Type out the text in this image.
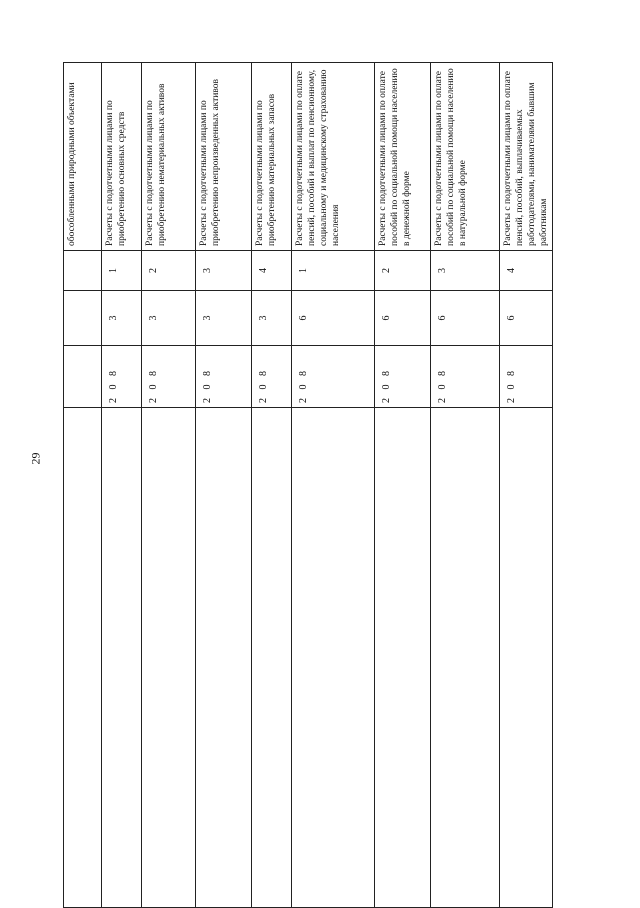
29
				обособленными природными объектами
	2 0 8	3	1	Расчеты с подотчетными лицами по приобретению основных средств
	2 0 8	3	2	Расчеты с подотчетными лицами по приобретению нематериальных активов
	2 0 8	3	3	Расчеты с подотчетными лицами по приобретению непроизведенных активов
	2 0 8	3	4	Расчеты с подотчетными лицами по приобретению материальных запасов
	2 0 8	6	1	Расчеты с подотчетными лицами по оплате пенсий, пособий и выплат по пенсионному, социальному и медицинскому страхованию населения
	2 0 8	6	2	Расчеты с подотчетными лицами по оплате пособий по социальной помощи населению в денежной форме
	2 0 8	6	3	Расчеты с подотчетными лицами по оплате пособий по социальной помощи населению в натуральной форме
	2 0 8	6	4	Расчеты с подотчетными лицами по оплате пенсий, пособий, выплачиваемых работодателями, нанимателями бывшим работникам
